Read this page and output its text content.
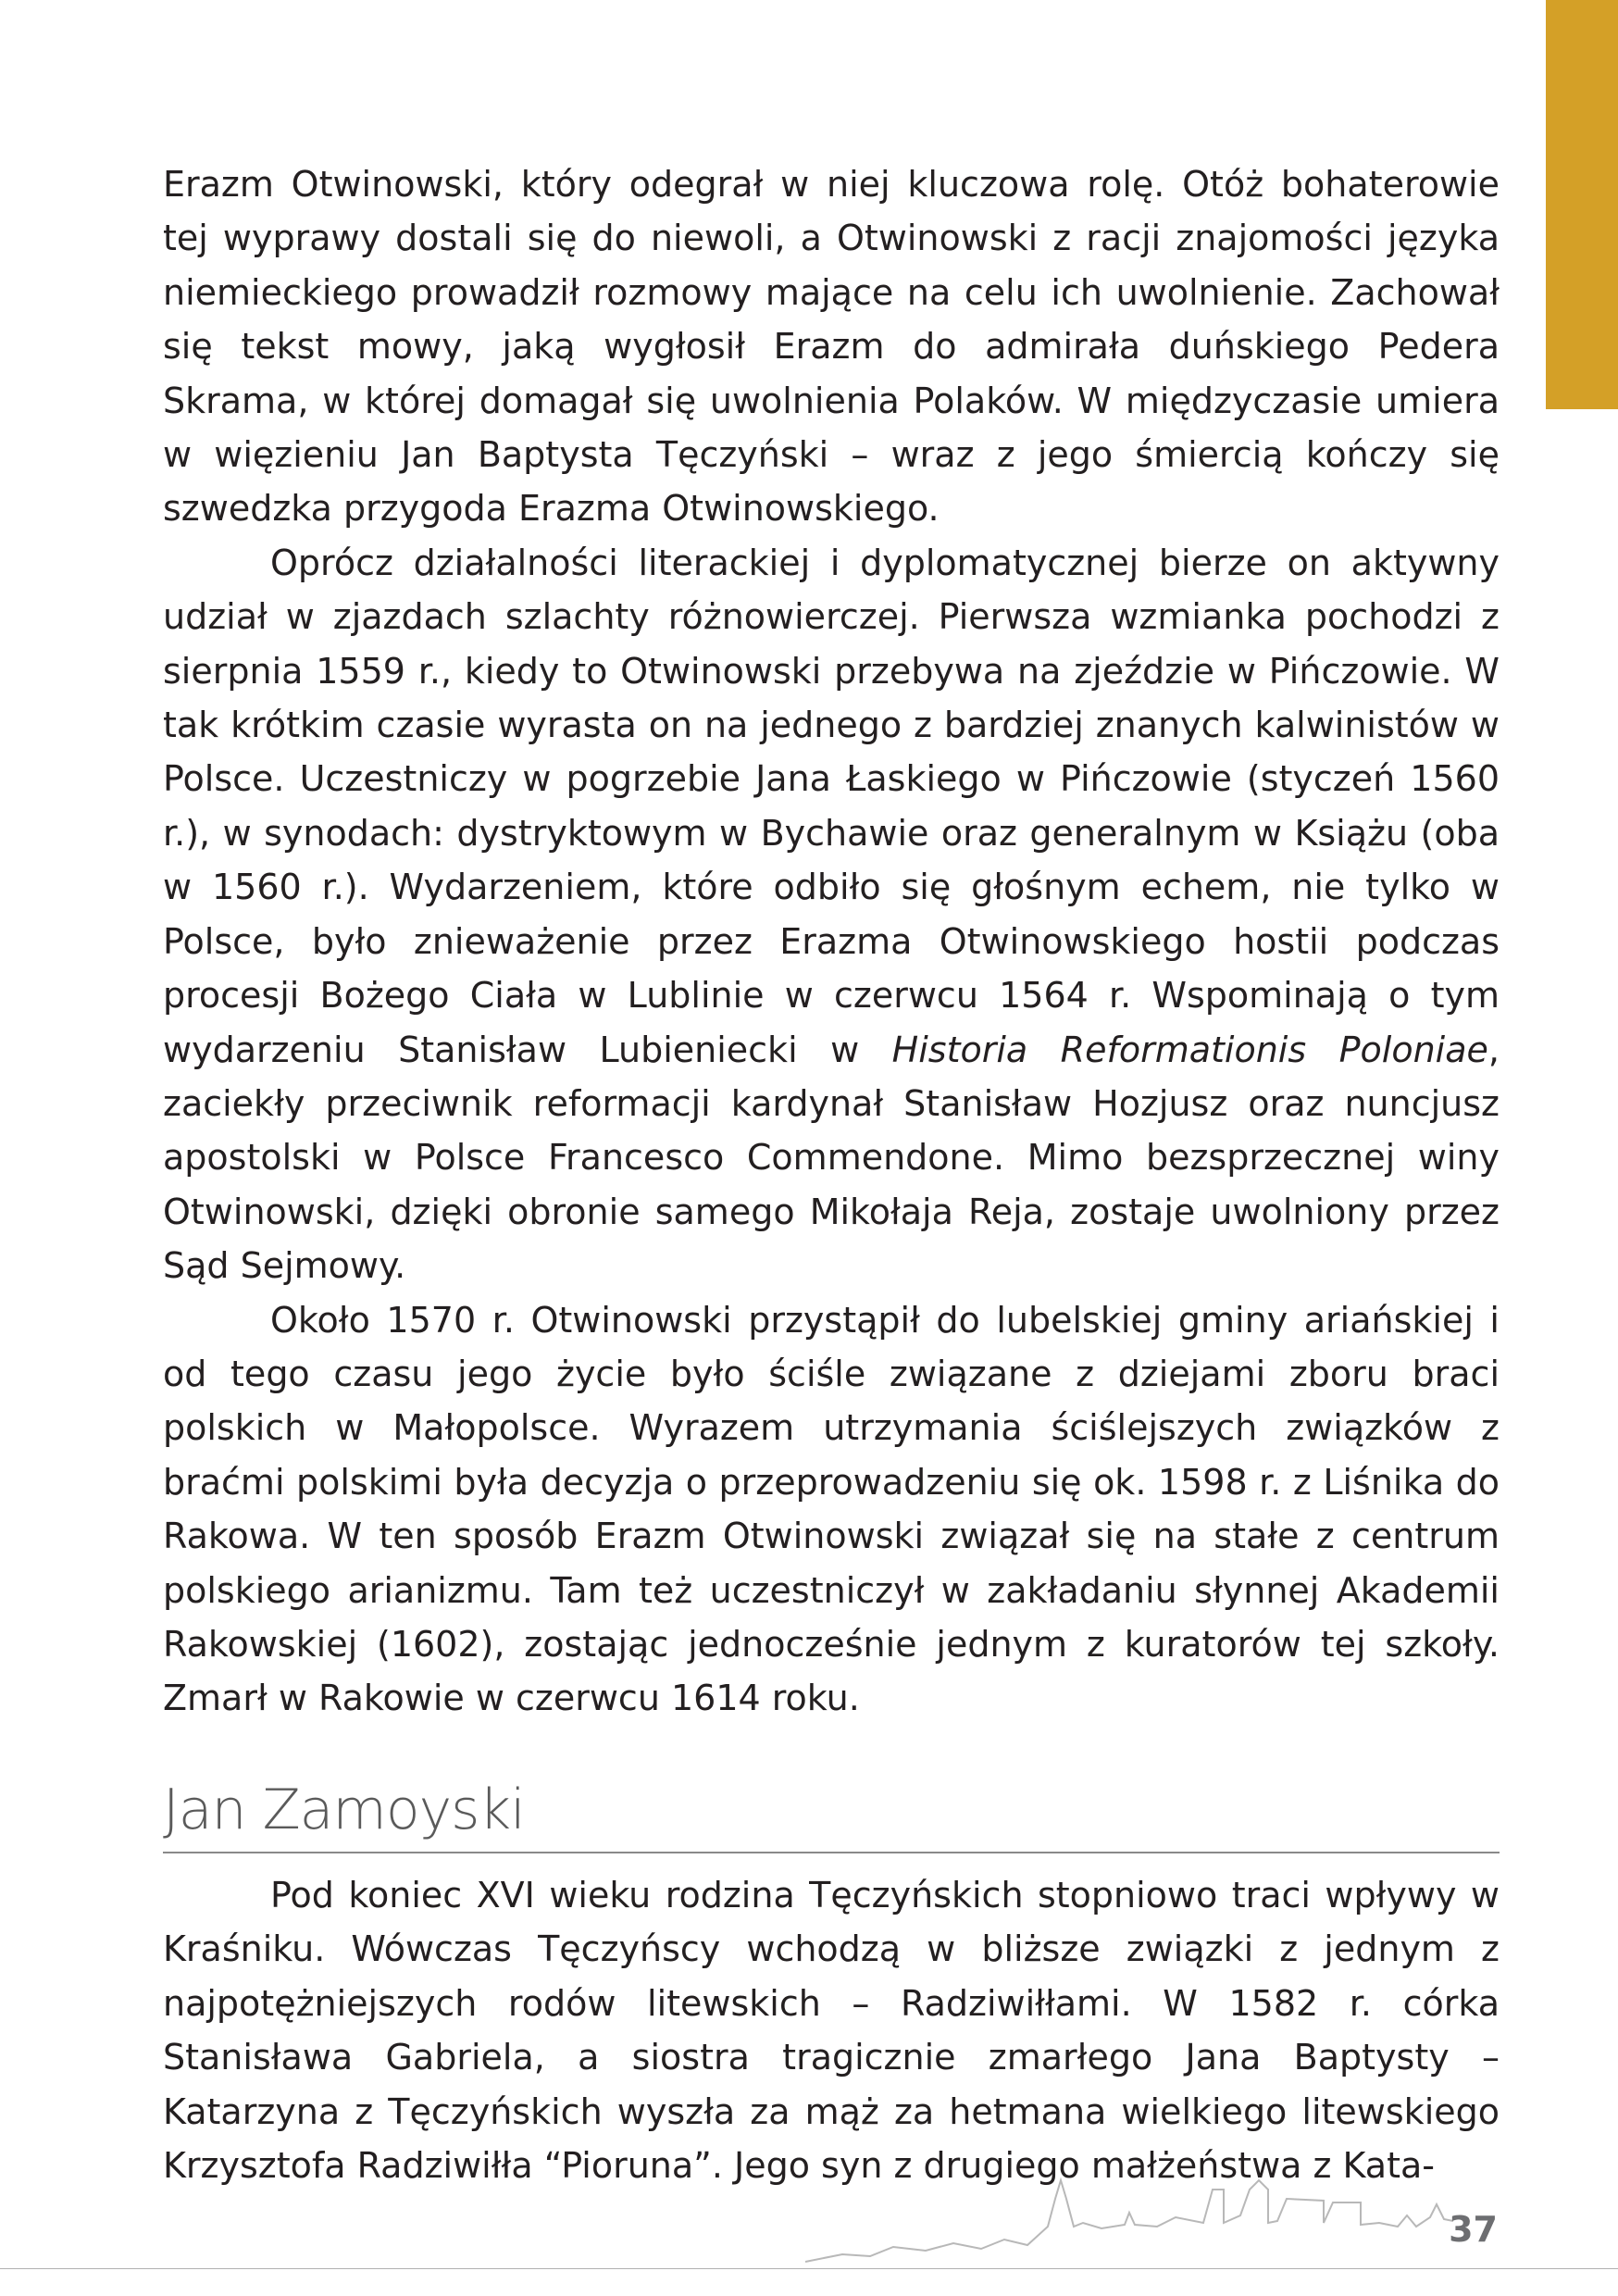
Erazm Otwinowski, który odegrał w niej kluczowa rolę. Otóż bohaterowie tej wyprawy dostali się do niewoli, a Otwinowski z racji znajomości języka niemieckiego prowadził rozmowy mające na celu ich uwolnienie. Zachował się tekst mowy, jaką wygłosił Erazm do admirała duńskiego Pedera Skrama, w której domagał się uwolnienia Polaków. W międzyczasie umiera w więzieniu Jan Baptysta Tęczyński – wraz z jego śmiercią kończy się szwedzka przygoda Erazma Otwinowskiego.

Oprócz działalności literackiej i dyplomatycznej bierze on aktywny udział w zjazdach szlachty różnowierczej. Pierwsza wzmianka pochodzi z sierpnia 1559 r., kiedy to Otwinowski przebywa na zjeździe w Pińczowie. W tak krótkim czasie wyrasta on na jednego z bardziej znanych kalwinistów w Polsce. Uczestniczy w pogrzebie Jana Łaskiego w Pińczowie (styczeń 1560 r.), w synodach: dystryktowym w Bychawie oraz generalnym w Książu (oba w 1560 r.). Wydarzeniem, które odbiło się głośnym echem, nie tylko w Polsce, było znieważenie przez Erazma Otwinowskiego hostii podczas procesji Bożego Ciała w Lublinie w czerwcu 1564 r. Wspominają o tym wydarzeniu Stanisław Lubieniecki w Historia Reformationis Poloniae, zaciekły przeciwnik reformacji kardynał Stanisław Hozjusz oraz nuncjusz apostolski w Polsce Francesco Commendone. Mimo bezsprzecznej winy Otwinowski, dzięki obronie samego Mikołaja Reja, zostaje uwolniony przez Sąd Sejmowy.

Około 1570 r. Otwinowski przystąpił do lubelskiej gminy ariańskiej i od tego czasu jego życie było ściśle związane z dziejami zboru braci polskich w Małopolsce. Wyrazem utrzymania ściślejszych związków z braćmi polskimi była decyzja o przeprowadzeniu się ok. 1598 r. z Liśnika do Rakowa. W ten sposób Erazm Otwinowski związał się na stałe z centrum polskiego arianizmu. Tam też uczestniczył w zakładaniu słynnej Akademii Rakowskiej (1602), zostając jednocześnie jednym z kuratorów tej szkoły. Zmarł w Rakowie w czerwcu 1614 roku.

Jan Zamoyski

Pod koniec XVI wieku rodzina Tęczyńskich stopniowo traci wpływy w Kraśniku. Wówczas Tęczyńscy wchodzą w bliższe związki z jednym z najpotężniejszych rodów litewskich – Radziwiłłami. W 1582 r. córka Stanisława Gabriela, a siostra tragicznie zmarłego Jana Baptysty – Katarzyna z Tęczyńskich wyszła za mąż za hetmana wielkiego litewskiego Krzysztofa Radziwiłła “Pioruna”. Jego syn z drugiego małżeństwa z Kata-

37
